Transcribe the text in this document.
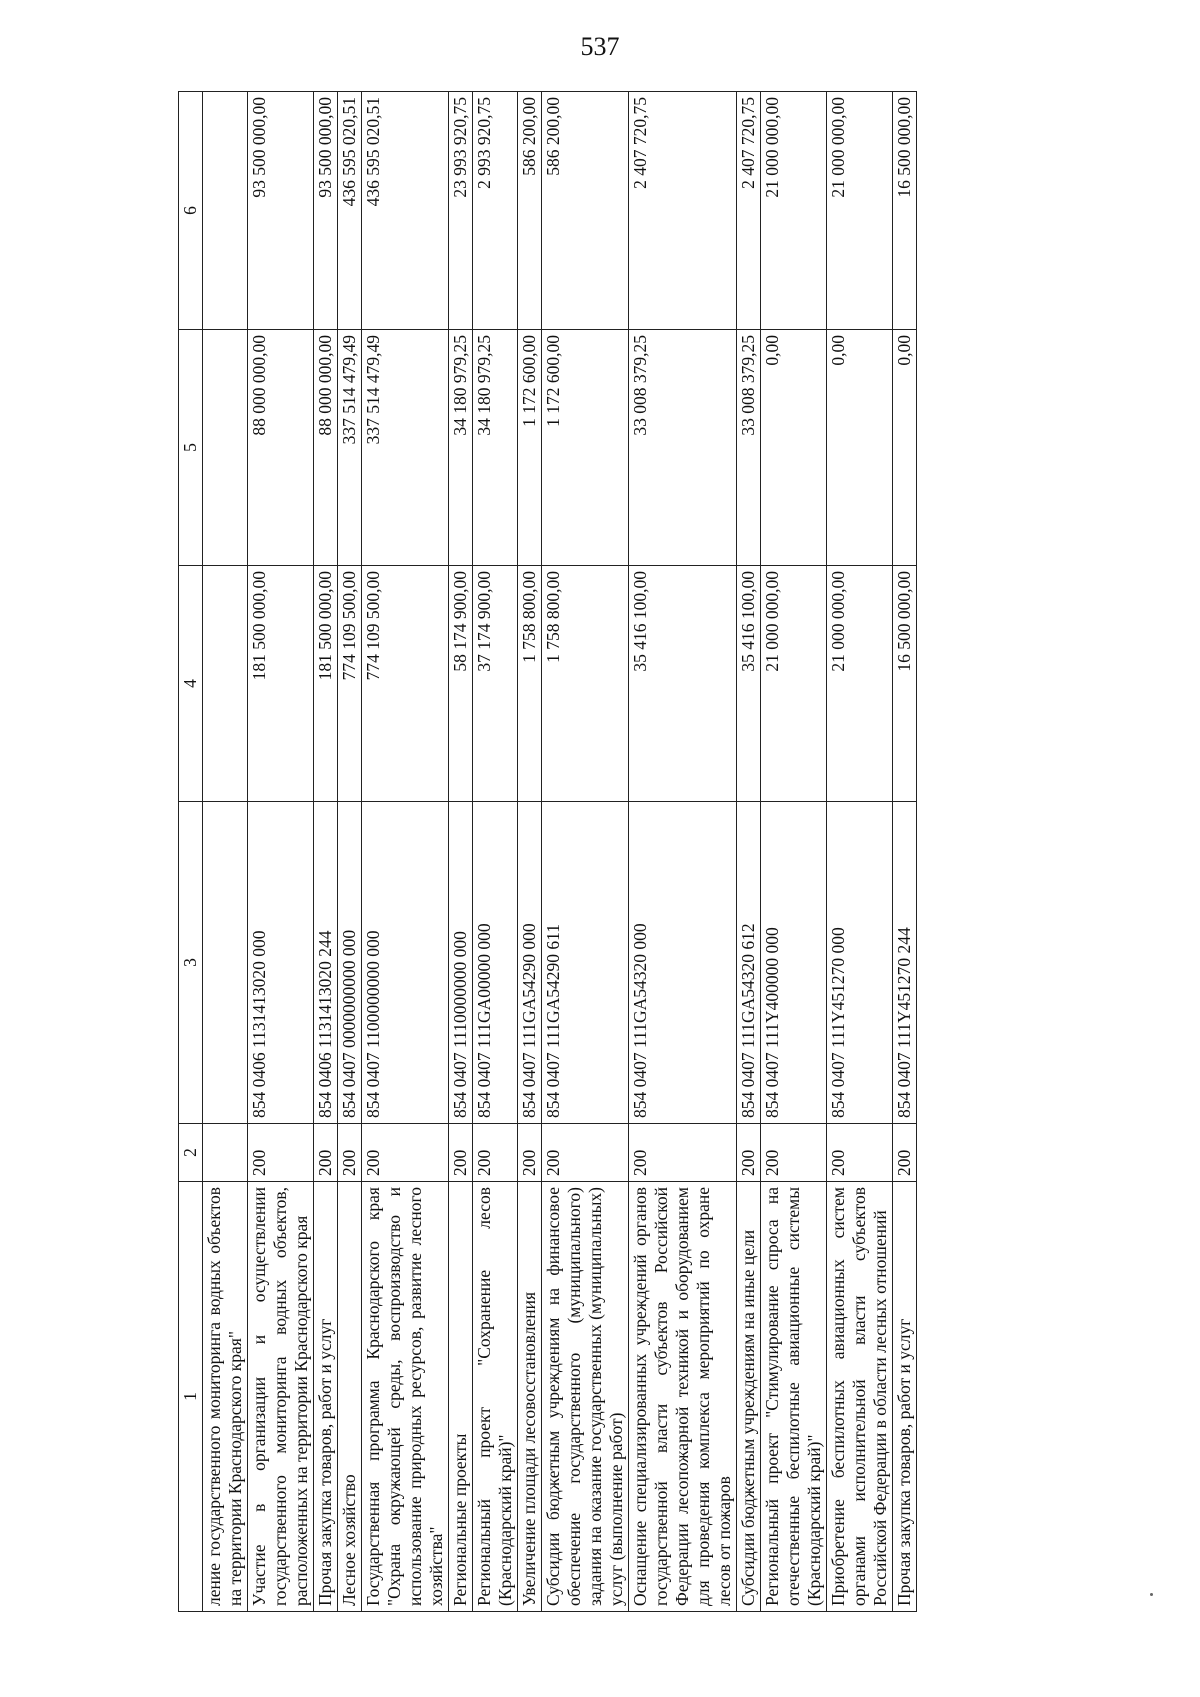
537
1	2	3	4	5	6
ление государственного мониторинга водных объектов на территории Краснодарского края"					
Участие в организации и осуществлении государственного мониторинга водных объектов, расположенных на территории Краснодарского края	200	854 0406 1131413020 000	181 500 000,00	88 000 000,00	93 500 000,00
Прочая закупка товаров, работ и услуг	200	854 0406 1131413020 244	181 500 000,00	88 000 000,00	93 500 000,00
Лесное хозяйство	200	854 0407 0000000000 000	774 109 500,00	337 514 479,49	436 595 020,51
Государственная программа Краснодарского края "Охрана окружающей среды, воспроизводство и использование природных ресурсов, развитие лесного хозяйства"	200	854 0407 1100000000 000	774 109 500,00	337 514 479,49	436 595 020,51
Региональные проекты	200	854 0407 1110000000 000	58 174 900,00	34 180 979,25	23 993 920,75
Региональный проект "Сохранение лесов (Краснодарский край)"	200	854 0407 111GA00000 000	37 174 900,00	34 180 979,25	2 993 920,75
Увеличение площади лесовосстановления	200	854 0407 111GA54290 000	1 758 800,00	1 172 600,00	586 200,00
Субсидии бюджетным учреждениям на финансовое обеспечение государственного (муниципального) задания на оказание государственных (муниципальных) услуг (выполнение работ)	200	854 0407 111GA54290 611	1 758 800,00	1 172 600,00	586 200,00
Оснащение специализированных учреждений органов государственной власти субъектов Российской Федерации лесопожарной техникой и оборудованием для проведения комплекса мероприятий по охране лесов от пожаров	200	854 0407 111GA54320 000	35 416 100,00	33 008 379,25	2 407 720,75
Субсидии бюджетным учреждениям на иные цели	200	854 0407 111GA54320 612	35 416 100,00	33 008 379,25	2 407 720,75
Региональный проект "Стимулирование спроса на отечественные беспилотные авиационные системы (Краснодарский край)"	200	854 0407 111Y400000 000	21 000 000,00	0,00	21 000 000,00
Приобретение беспилотных авиационных систем органами исполнительной власти субъектов Российской Федерации в области лесных отношений	200	854 0407 111Y451270 000	21 000 000,00	0,00	21 000 000,00
Прочая закупка товаров, работ и услуг	200	854 0407 111Y451270 244	16 500 000,00	0,00	16 500 000,00
